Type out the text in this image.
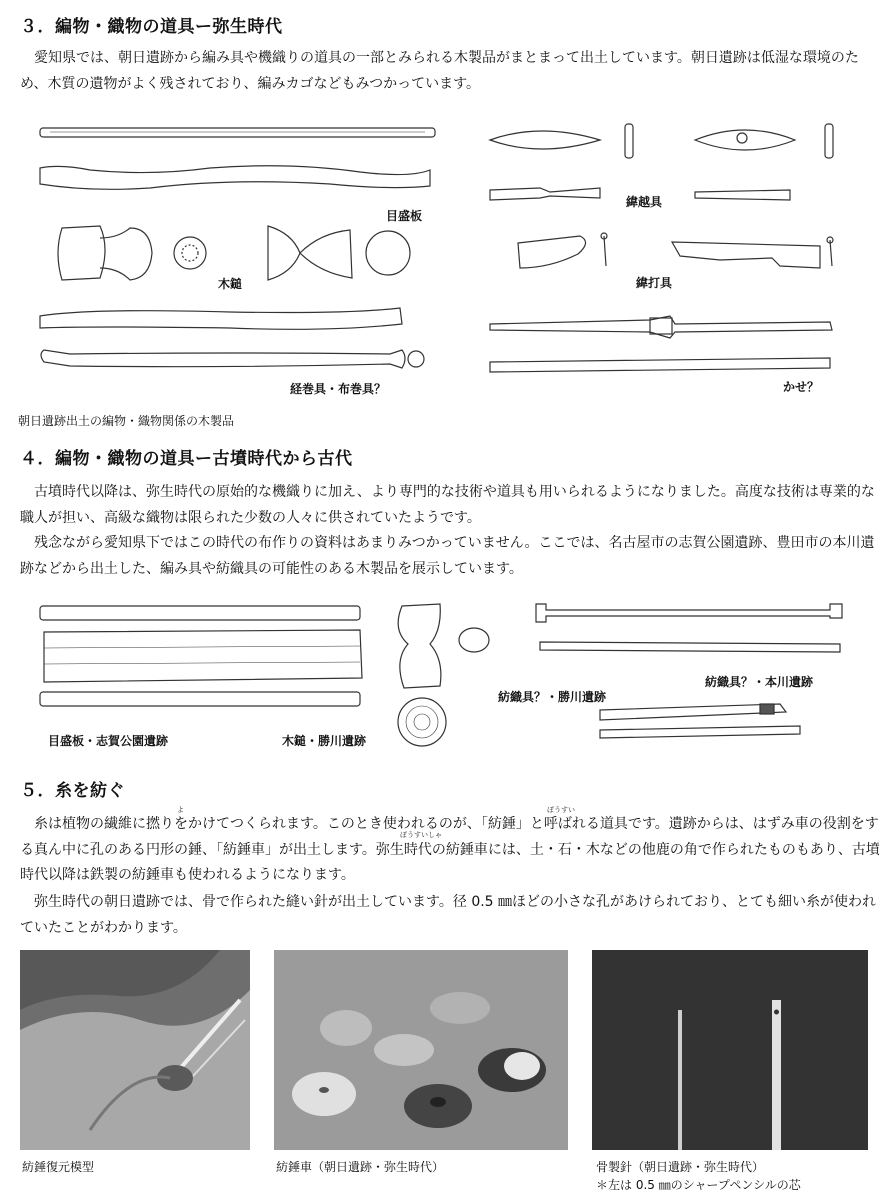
３．編物・織物の道具ー弥生時代
愛知県では、朝日遺跡から編み具や機織りの道具の一部とみられる木製品がまとまって出土しています。朝日遺跡は低湿な環境のため、木質の遺物がよく残されており、編みカゴなどもみつかっています。
目盛板
木鎚
経巻具・布巻具？
緯越具
緯打具
かせ？
朝日遺跡出土の編物・織物関係の木製品
４．編物・織物の道具ー古墳時代から古代
古墳時代以降は、弥生時代の原始的な機織りに加え、より専門的な技術や道具も用いられるようになりました。高度な技術は専業的な職人が担い、高級な織物は限られた少数の人々に供されていたようです。
残念ながら愛知県下ではこの時代の布作りの資料はあまりみつかっていません。ここでは、名古屋市の志賀公園遺跡、豊田市の本川遺跡などから出土した、編み具や紡織具の可能性のある木製品を展示しています。
目盛板・志賀公園遺跡	木鎚・勝川遺跡
紡織具？・本川遺跡
紡織具？・勝川遺跡
５．糸を紡ぐ
よ	ぼうすい
ぼうすいしゃ
糸は植物の繊維に撚りをかけてつくられます。このとき使われるのが、「紡錘」と呼ばれる道具です。遺跡からは、はずみ車の役割をする真ん中に孔のある円形の錘、「紡錘車」が出土します。弥生時代の紡錘車には、土・石・木などの他鹿の角で作られたものもあり、古墳時代以降は鉄製の紡錘車も使われるようになります。
弥生時代の朝日遺跡では、骨で作られた縫い針が出土しています。径 0.5 ㎜ほどの小さな孔があけられており、とても細い糸が使われていたことがわかります。
紡錘復元模型	紡錘車（朝日遺跡・弥生時代）	骨製針（朝日遺跡・弥生時代）
＊左は 0.5 ㎜のシャープペンシルの芯
